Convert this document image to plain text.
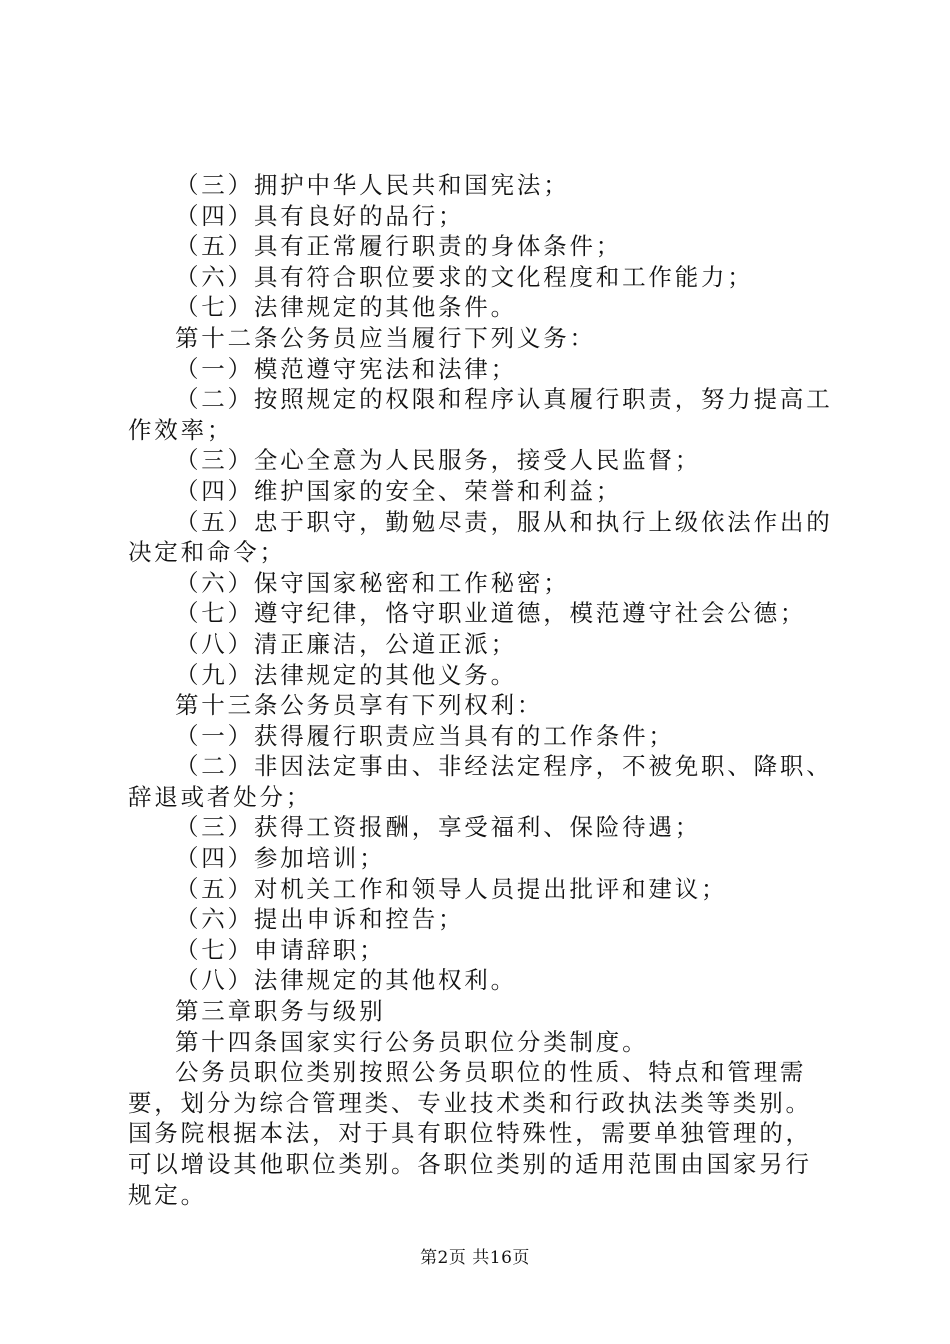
（三）拥护中华人民共和国宪法；

（四）具有良好的品行；

（五）具有正常履行职责的身体条件；

（六）具有符合职位要求的文化程度和工作能力；

（七）法律规定的其他条件。

第十二条公务员应当履行下列义务：

（一）模范遵守宪法和法律；

（二）按照规定的权限和程序认真履行职责，努力提高工作效率；

（三）全心全意为人民服务，接受人民监督；

（四）维护国家的安全、荣誉和利益；

（五）忠于职守，勤勉尽责，服从和执行上级依法作出的决定和命令；

（六）保守国家秘密和工作秘密；

（七）遵守纪律，恪守职业道德，模范遵守社会公德；

（八）清正廉洁，公道正派；

（九）法律规定的其他义务。

第十三条公务员享有下列权利：

（一）获得履行职责应当具有的工作条件；

（二）非因法定事由、非经法定程序，不被免职、降职、辞退或者处分；

（三）获得工资报酬，享受福利、保险待遇；

（四）参加培训；

（五）对机关工作和领导人员提出批评和建议；

（六）提出申诉和控告；

（七）申请辞职；

（八）法律规定的其他权利。

第三章职务与级别

第十四条国家实行公务员职位分类制度。

公务员职位类别按照公务员职位的性质、特点和管理需要，划分为综合管理类、专业技术类和行政执法类等类别。国务院根据本法，对于具有职位特殊性，需要单独管理的，可以增设其他职位类别。各职位类别的适用范围由国家另行规定。

第2页 共16页
